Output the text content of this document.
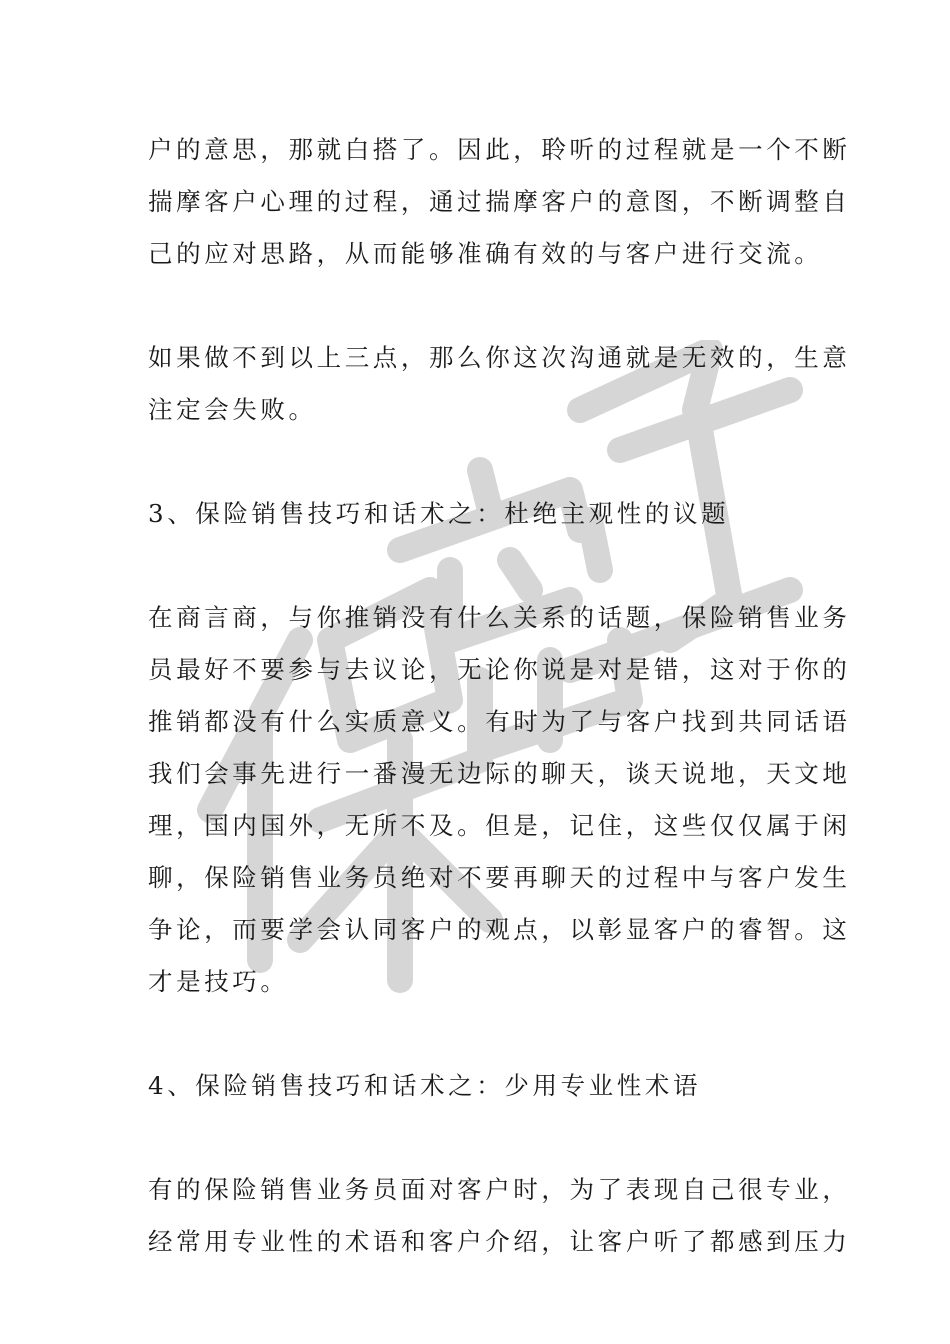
户的意思，那就白搭了。因此，聆听的过程就是一个不断
揣摩客户心理的过程，通过揣摩客户的意图，不断调整自
己的应对思路，从而能够准确有效的与客户进行交流。

如果做不到以上三点，那么你这次沟通就是无效的，生意
注定会失败。

3、保险销售技巧和话术之：杜绝主观性的议题

在商言商，与你推销没有什么关系的话题，保险销售业务
员最好不要参与去议论，无论你说是对是错，这对于你的
推销都没有什么实质意义。有时为了与客户找到共同话语
我们会事先进行一番漫无边际的聊天，谈天说地，天文地
理，国内国外，无所不及。但是，记住，这些仅仅属于闲
聊，保险销售业务员绝对不要再聊天的过程中与客户发生
争论，而要学会认同客户的观点，以彰显客户的睿智。这
才是技巧。

4、保险销售技巧和话术之：少用专业性术语

有的保险销售业务员面对客户时，为了表现自己很专业，
经常用专业性的术语和客户介绍，让客户听了都感到压力
